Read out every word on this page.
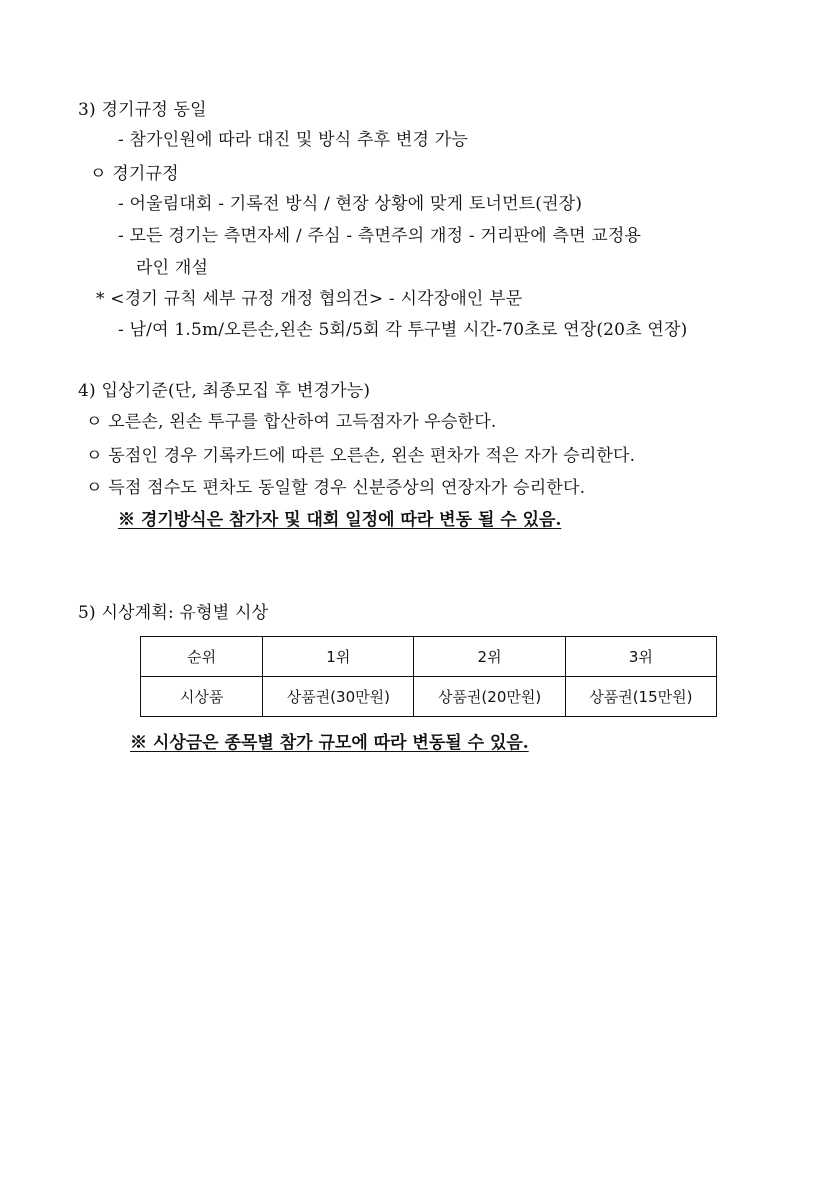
3) 경기규정 동일
- 참가인원에 따라 대진 및 방식 추후 변경 가능
ㅇ 경기규정
- 어울림대회 - 기록전 방식 / 현장 상황에 맞게 토너먼트(권장)
- 모든 경기는 측면자세 / 주심 - 측면주의 개정 - 거리판에 측면 교정용
라인 개설
* <경기 규칙 세부 규정 개정 협의건> - 시각장애인 부문
- 남/여 1.5m/오른손,왼손 5회/5회 각 투구별 시간-70초로 연장(20초 연장)
4) 입상기준(단, 최종모집 후 변경가능)
ㅇ 오른손, 왼손 투구를 합산하여 고득점자가 우승한다.
ㅇ 동점인 경우 기록카드에 따른 오른손, 왼손 편차가 적은 자가 승리한다.
ㅇ 득점 점수도 편차도 동일할 경우 신분증상의 연장자가 승리한다.
※ 경기방식은 참가자 및 대회 일정에 따라 변동 될 수 있음.
5) 시상계획: 유형별 시상
순위	1위	2위	3위
시상품	상품권(30만원)	상품권(20만원)	상품권(15만원)
※ 시상금은 종목별 참가 규모에 따라 변동될 수 있음.
